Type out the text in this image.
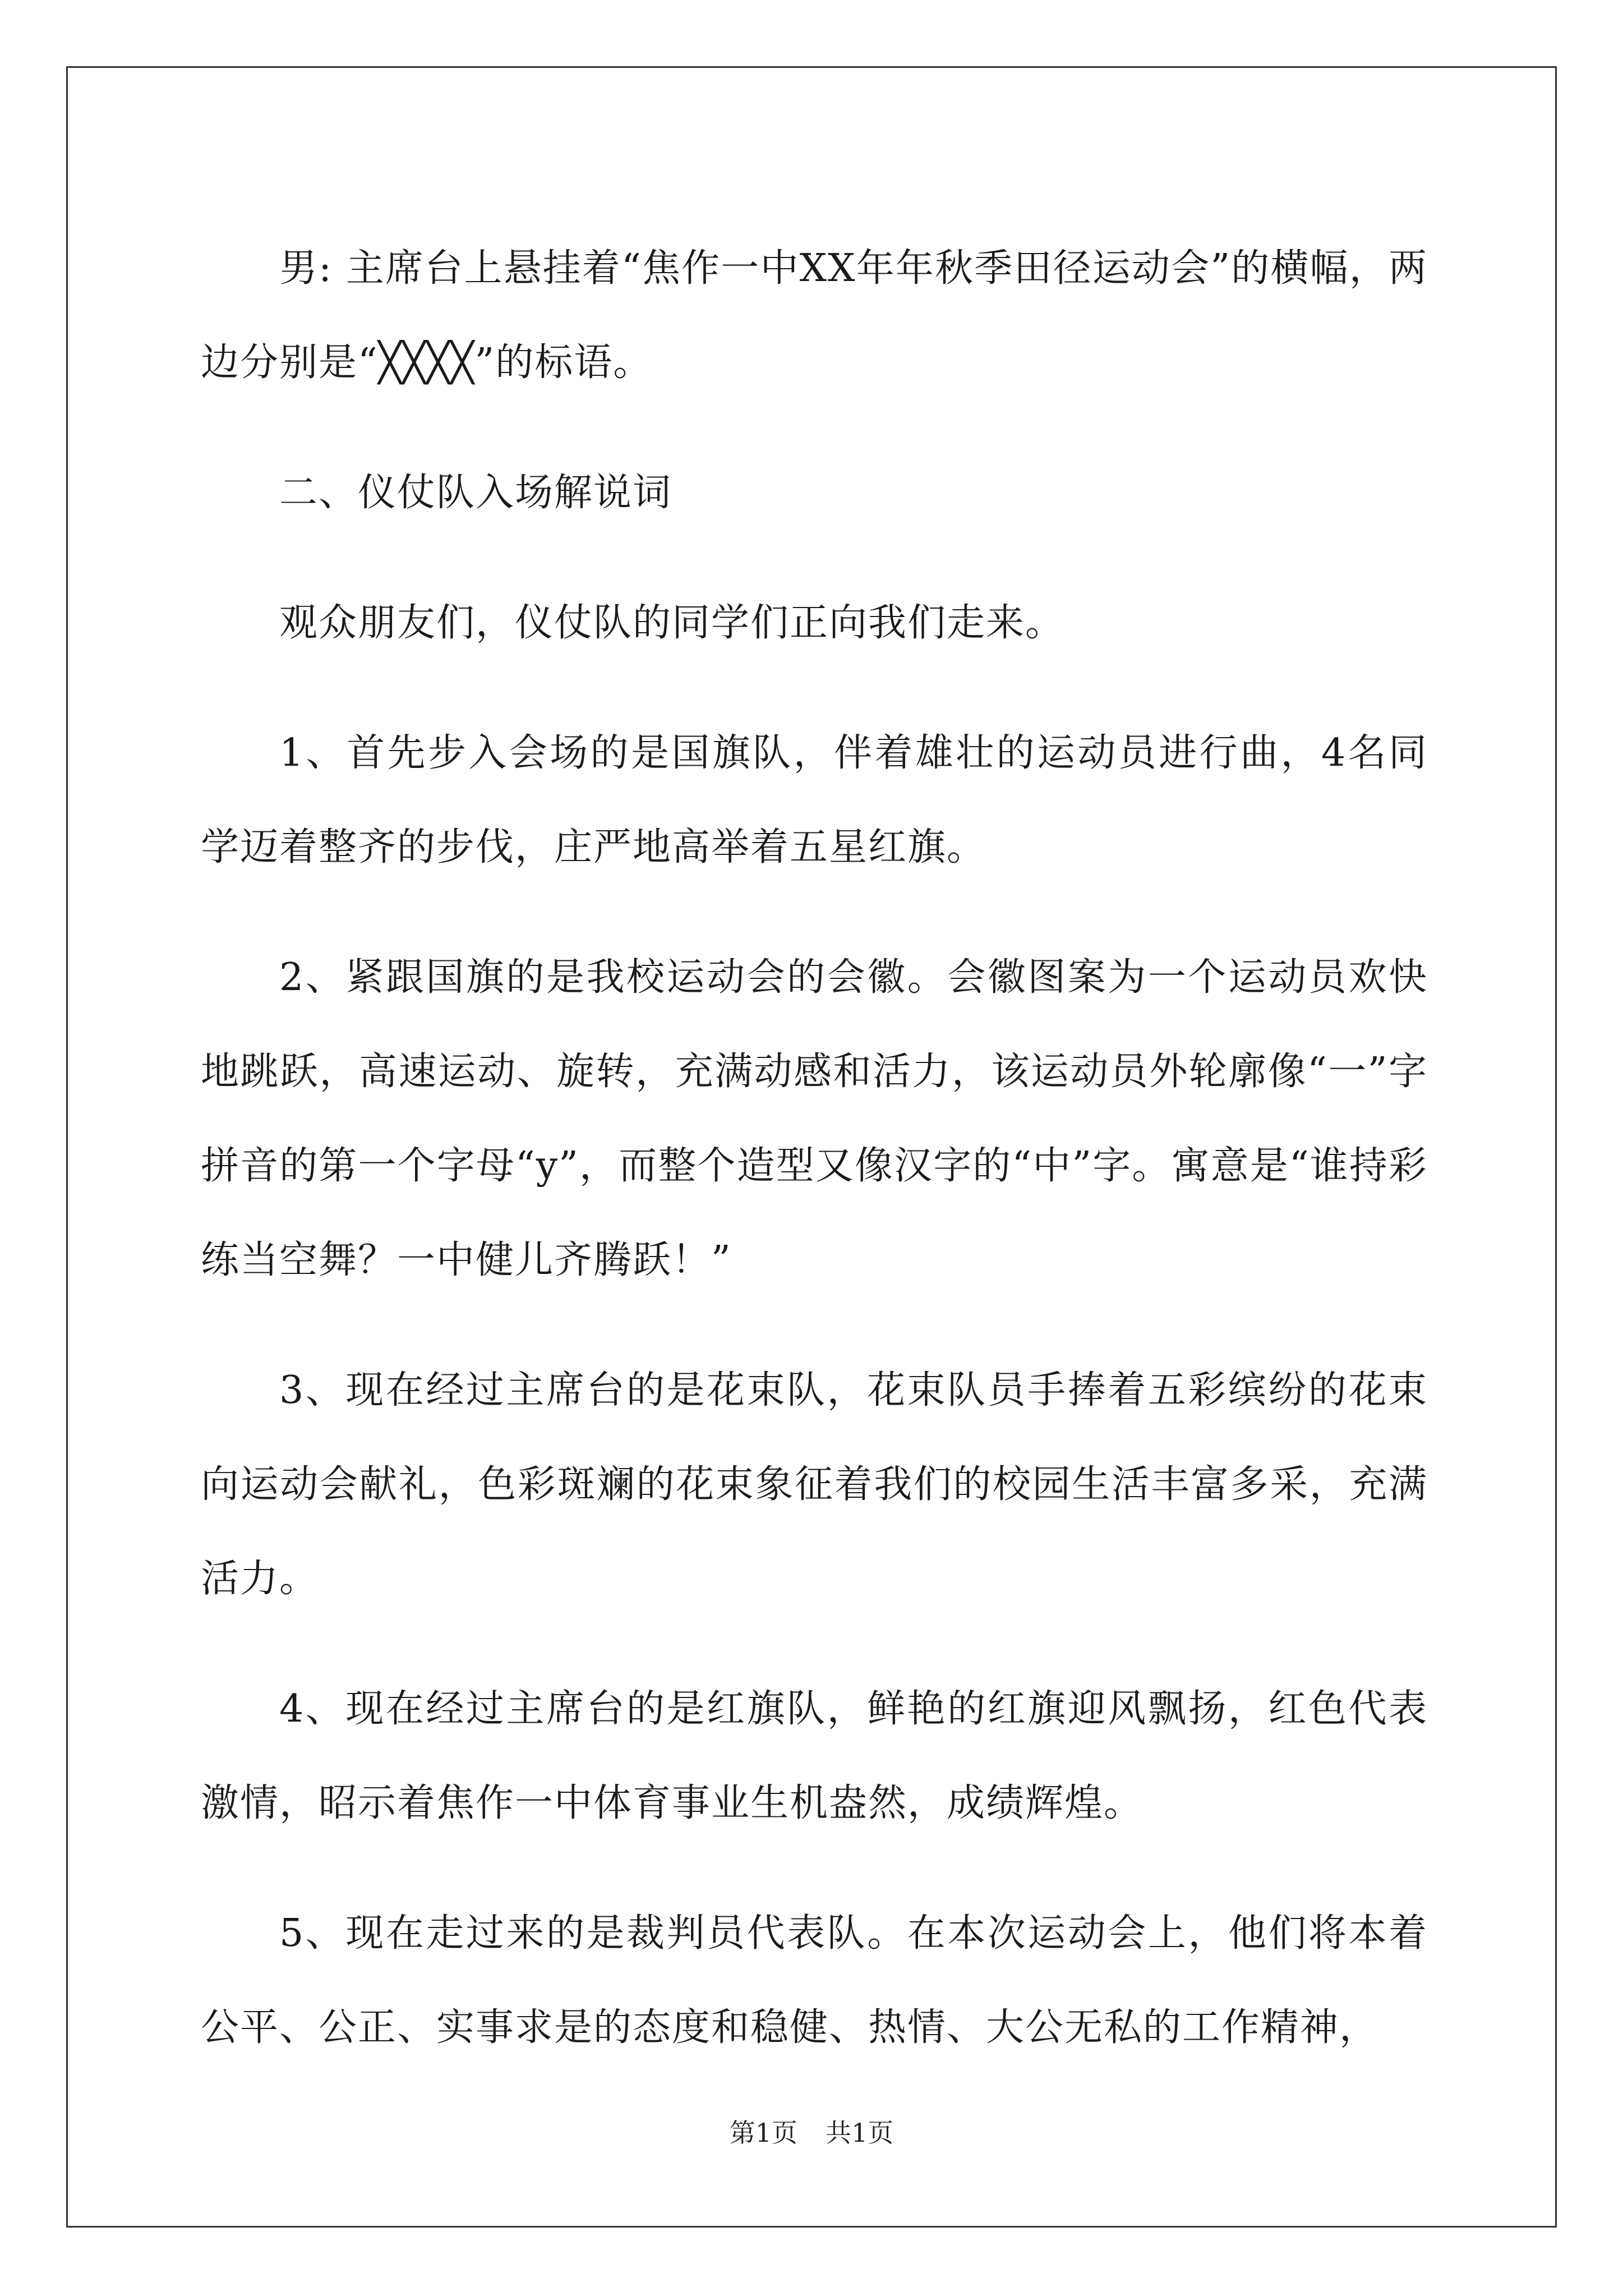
男: 主席台上悬挂着“焦作一中XX年年秋季田径运动会”的横幅，两边分别是“╳╳╳╳”的标语。

二、仪仗队入场解说词

观众朋友们，仪仗队的同学们正向我们走来。

1、首先步入会场的是国旗队，伴着雄壮的运动员进行曲，4名同学迈着整齐的步伐，庄严地高举着五星红旗。

2、紧跟国旗的是我校运动会的会徽。会徽图案为一个运动员欢快地跳跃，高速运动、旋转，充满动感和活力，该运动员外轮廓像“一”字拼音的第一个字母“y”，而整个造型又像汉字的“中”字。寓意是“谁持彩练当空舞？一中健儿齐腾跃！”

3、现在经过主席台的是花束队，花束队员手捧着五彩缤纷的花束向运动会献礼，色彩斑斓的花束象征着我们的校园生活丰富多采，充满活力。

4、现在经过主席台的是红旗队，鲜艳的红旗迎风飘扬，红色代表激情，昭示着焦作一中体育事业生机盎然，成绩辉煌。

5、现在走过来的是裁判员代表队。在本次运动会上，他们将本着公平、公正、实事求是的态度和稳健、热情、大公无私的工作精神，

第1页 共1页
